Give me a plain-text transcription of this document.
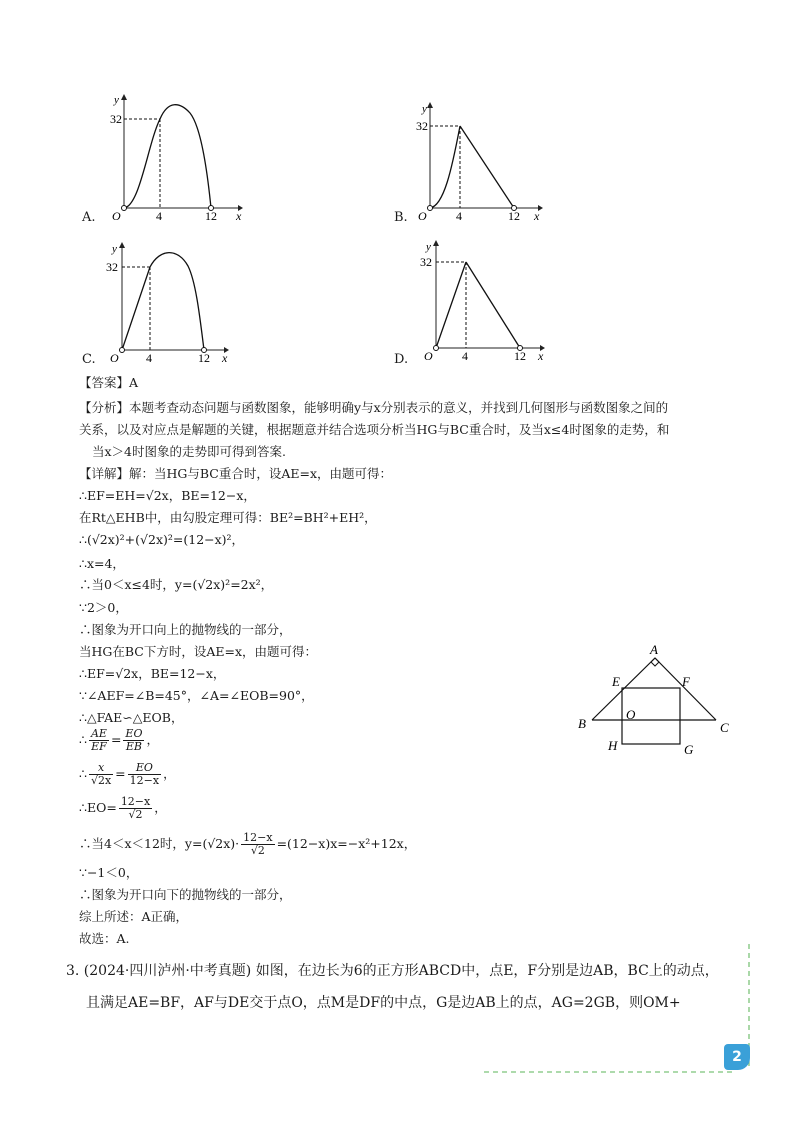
A.
32
y
O	4	12 x	B.
32
y
O 4	12 x
C.
32
y
O 4	12 x	D.
32
y
O 4	12 x
【答案】A
【分析】本题考查动态问题与函数图象，能够明确y与x分别表示的意义，并找到几何图形与函数图象之间的
关系，以及对应点是解题的关键，根据题意并结合选项分析当HG与BC重合时，及当x≤4时图象的走势，和
当x＞4时图象的走势即可得到答案.
【详解】解：当HG与BC重合时，设AE=x，由题可得：
∴EF=EH=√2x，BE=12−x，
在Rt△EHB中，由勾股定理可得：BE²=BH²+EH²，
∴(√2x)²+(√2x)²=(12−x)²，
∴x=4，
∴当0＜x≤4时，y=(√2x)²=2x²，
∵2＞0，
∴图象为开口向上的抛物线的一部分，
当HG在BC下方时，设AE=x，由题可得：
∴EF=√2x，BE=12−x，
∵∠AEF=∠B=45°，∠A=∠EOB=90°，
∴△FAE∽△EOB，
∴ $\frac{AE}{EF} = \frac{EO}{EB}$ ，
∴ $\frac{x}{√2x} = \frac{EO}{12-x}$ ，
∴EO= $\frac{12-x}{√2}$ ，
∴当4＜x＜12时，$y=(√2x)\cdot \frac{12-x}{√2} =(12-x)x=-x^2+12x$，
∵−1＜0，
∴图象为开口向下的抛物线的一部分，
综上所述：A正确，
故选：A.
A
B	C
E	F
O
H	G
3. (2024·四川泸州·中考真题) 如图，在边长为6的正方形ABCD中，点E，F分别是边AB，BC上的动点，
且满足AE=BF，AF与DE交于点O，点M是DF的中点，G是边AB上的点，AG=2GB，则OM+
2
